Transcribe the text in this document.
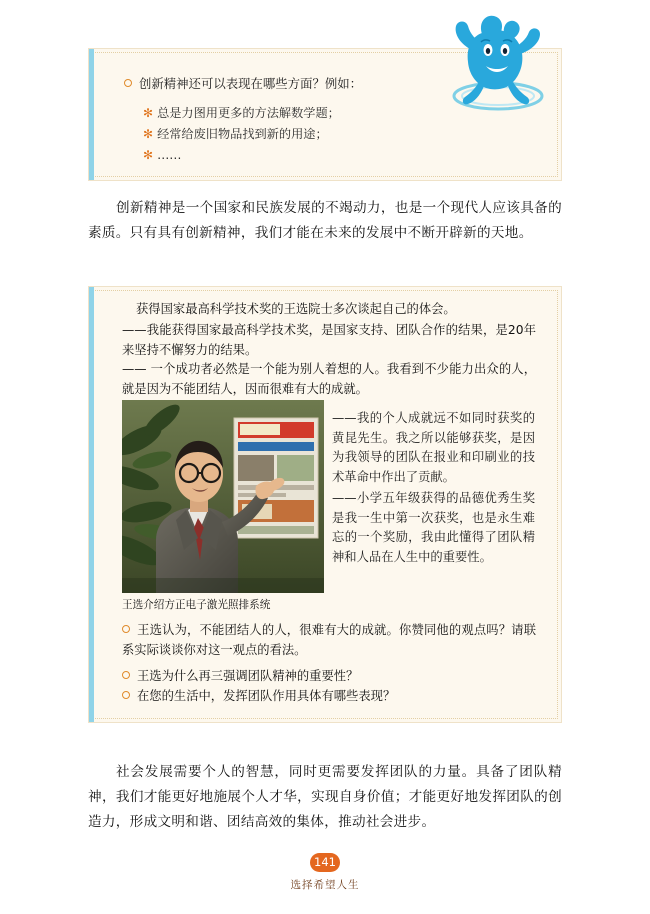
创新精神还可以表现在哪些方面？例如：
✻ 总是力图用更多的方法解数学题；
✻ 经常给废旧物品找到新的用途；
✻ ……
创新精神是一个国家和民族发展的不竭动力，也是一个现代人应该具备的素质。只有具有创新精神，我们才能在未来的发展中不断开辟新的天地。
获得国家最高科学技术奖的王选院士多次谈起自己的体会。
——我能获得国家最高科学技术奖，是国家支持、团队合作的结果，是20年来坚持不懈努力的结果。
—— 一个成功者必然是一个能为别人着想的人。我看到不少能力出众的人，就是因为不能团结人，因而很难有大的成就。
王选介绍方正电子激光照排系统

——我的个人成就远不如同时获奖的黄昆先生。我之所以能够获奖，是因为我领导的团队在报业和印刷业的技术革命中作出了贡献。

——小学五年级获得的品德优秀生奖是我一生中第一次获奖，也是永生难忘的一个奖励，我由此懂得了团队精神和人品在人生中的重要性。

王选认为，不能团结人的人，很难有大的成就。你赞同他的观点吗？请联系实际谈谈你对这一观点的看法。
王选为什么再三强调团队精神的重要性？
在您的生活中，发挥团队作用具体有哪些表现？
社会发展需要个人的智慧，同时更需要发挥团队的力量。具备了团队精神，我们才能更好地施展个人才华，实现自身价值；才能更好地发挥团队的创造力，形成文明和谐、团结高效的集体，推动社会进步。
141
选择希望人生
